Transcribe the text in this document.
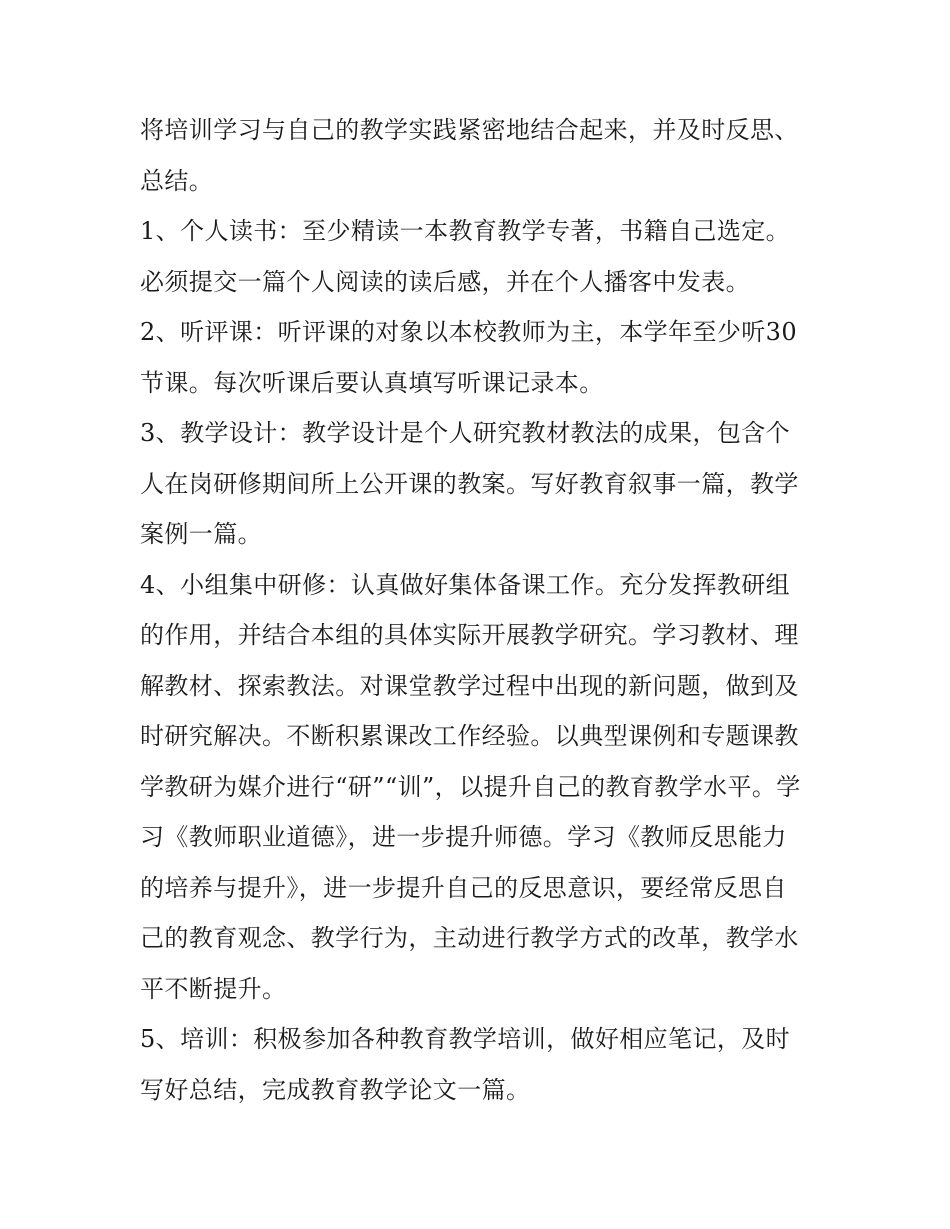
将培训学习与自己的教学实践紧密地结合起来，并及时反思、
总结。
1、个人读书：至少精读一本教育教学专著，书籍自己选定。
必须提交一篇个人阅读的读后感，并在个人播客中发表。
2、听评课：听评课的对象以本校教师为主，本学年至少听30
节课。每次听课后要认真填写听课记录本。
3、教学设计：教学设计是个人研究教材教法的成果，包含个
人在岗研修期间所上公开课的教案。写好教育叙事一篇，教学
案例一篇。
4、小组集中研修：认真做好集体备课工作。充分发挥教研组
的作用，并结合本组的具体实际开展教学研究。学习教材、理
解教材、探索教法。对课堂教学过程中出现的新问题，做到及
时研究解决。不断积累课改工作经验。以典型课例和专题课教
学教研为媒介进行“研”“训”，以提升自己的教育教学水平。学
习《教师职业道德》，进一步提升师德。学习《教师反思能力
的培养与提升》，进一步提升自己的反思意识，要经常反思自
己的教育观念、教学行为，主动进行教学方式的改革，教学水
平不断提升。
5、培训：积极参加各种教育教学培训，做好相应笔记，及时
写好总结，完成教育教学论文一篇。
